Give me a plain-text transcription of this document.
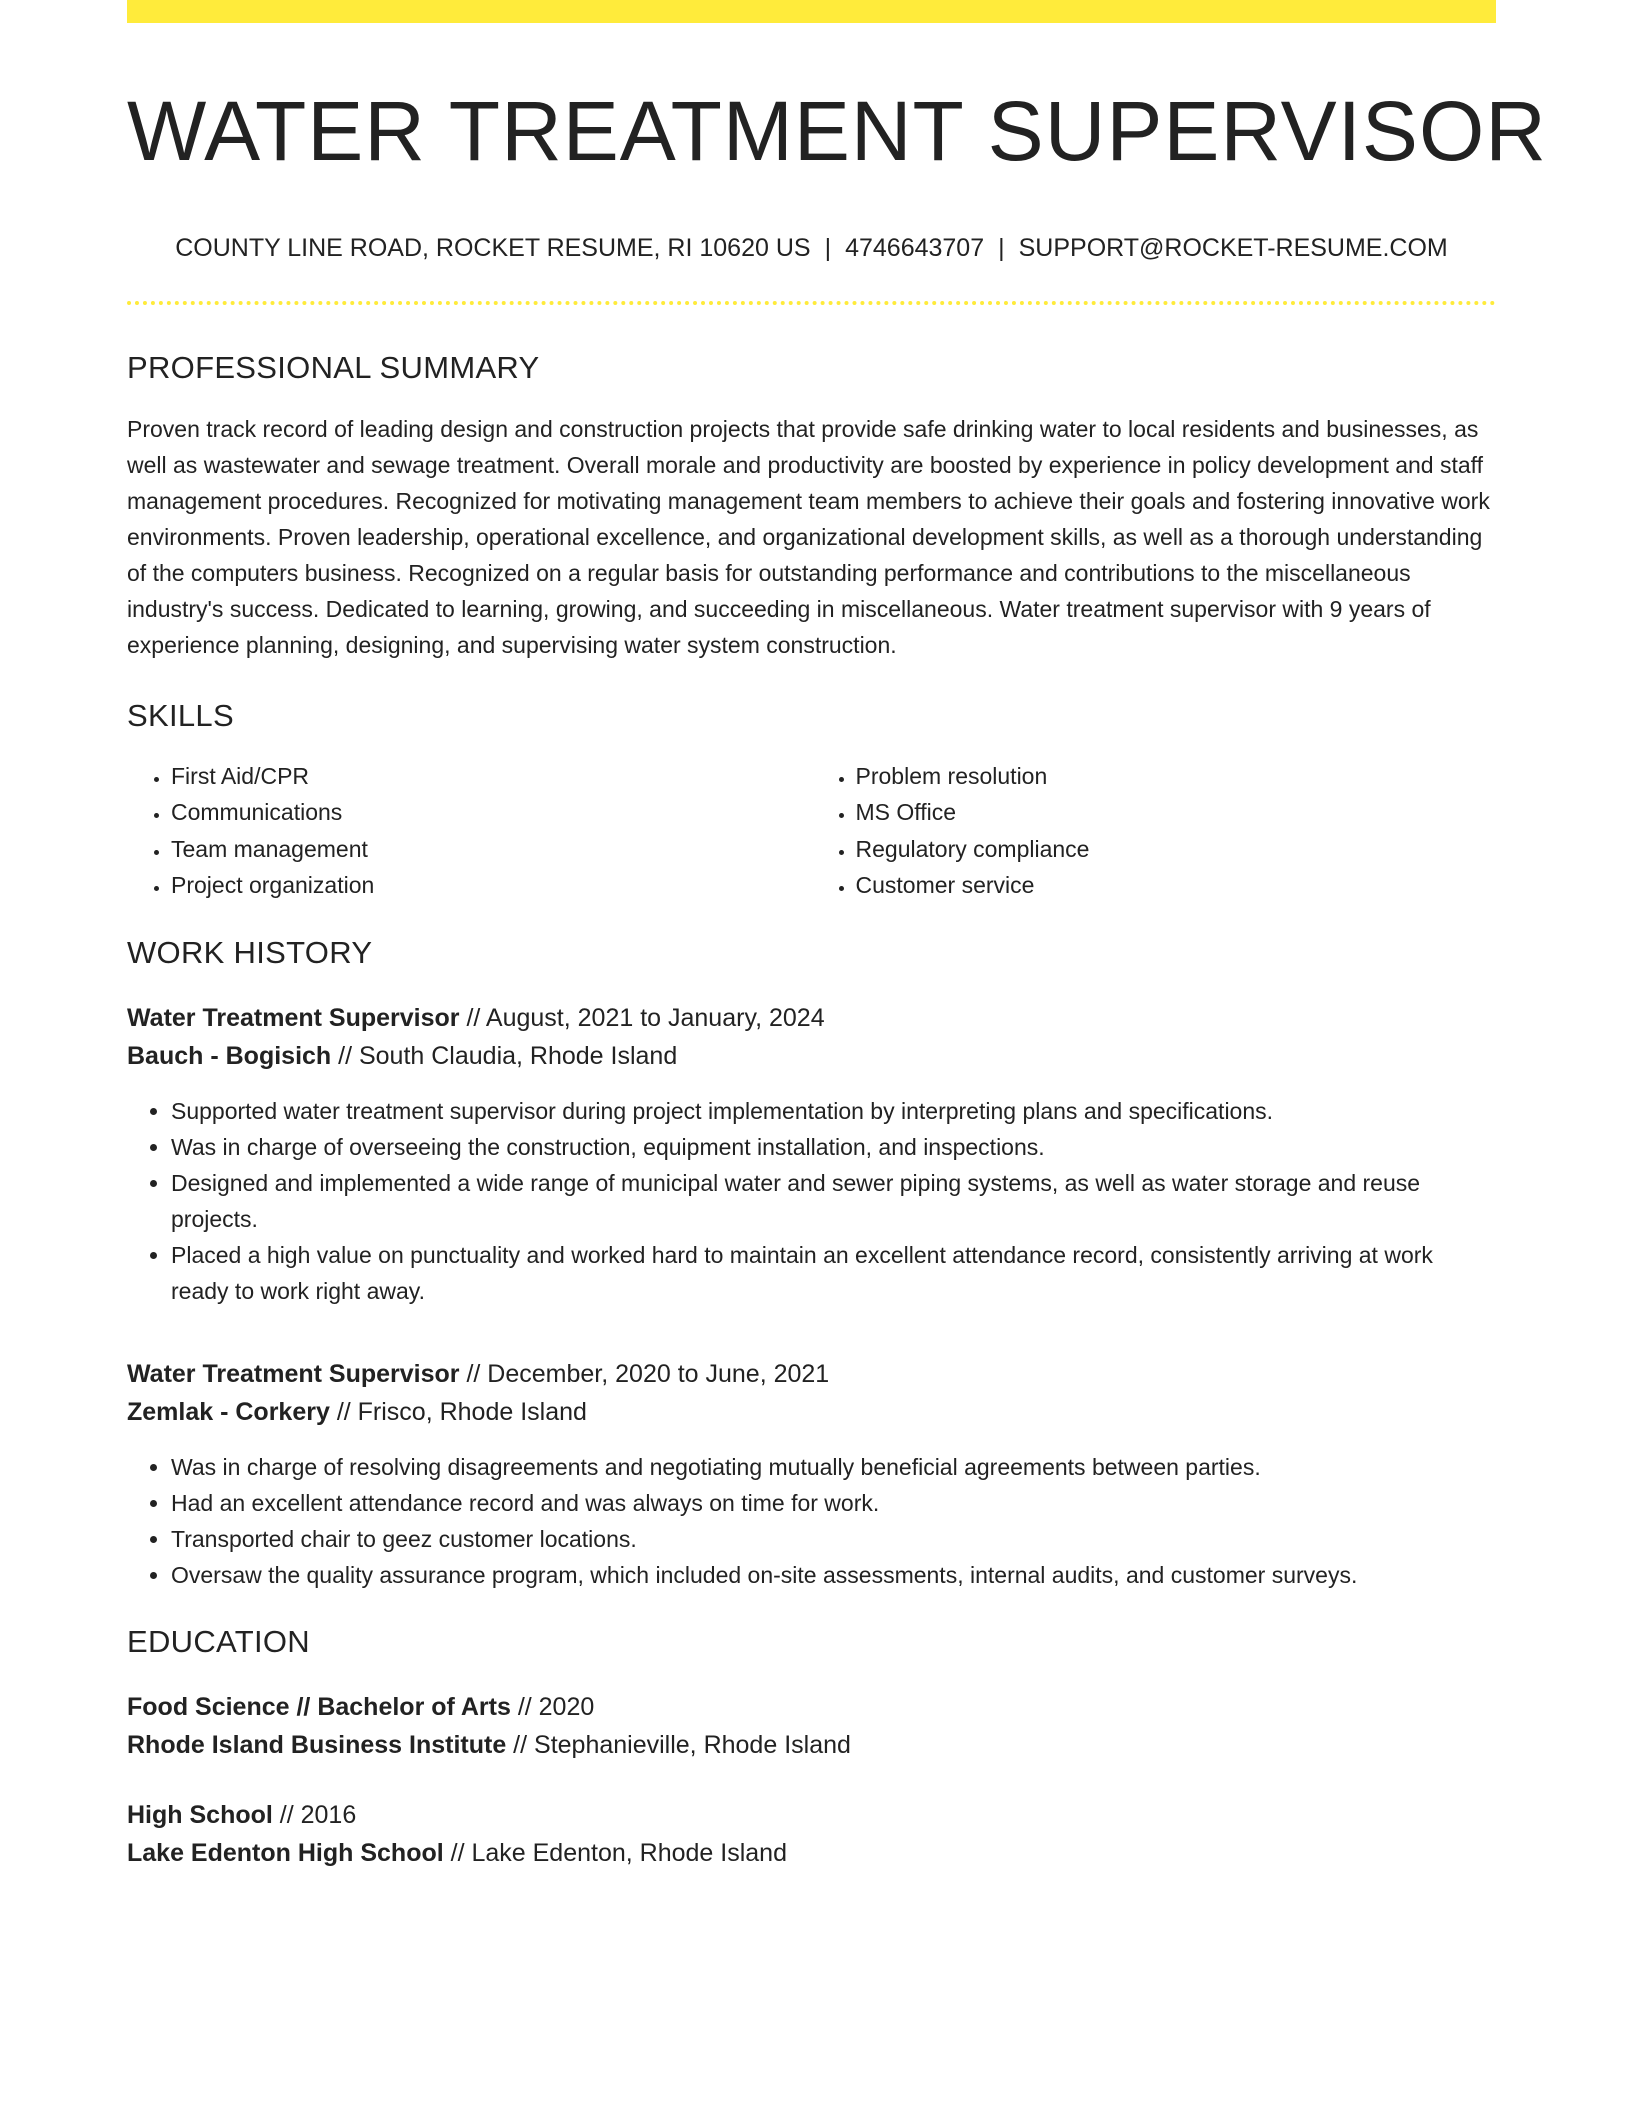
WATER TREATMENT SUPERVISOR
COUNTY LINE ROAD, ROCKET RESUME, RI 10620 US | 4746643707 | SUPPORT@ROCKET-RESUME.COM
PROFESSIONAL SUMMARY
Proven track record of leading design and construction projects that provide safe drinking water to local residents and businesses, as well as wastewater and sewage treatment. Overall morale and productivity are boosted by experience in policy development and staff management procedures. Recognized for motivating management team members to achieve their goals and fostering innovative work environments. Proven leadership, operational excellence, and organizational development skills, as well as a thorough understanding of the computers business. Recognized on a regular basis for outstanding performance and contributions to the miscellaneous industry's success. Dedicated to learning, growing, and succeeding in miscellaneous. Water treatment supervisor with 9 years of experience planning, designing, and supervising water system construction.
SKILLS
• First Aid/CPR
• Communications
• Team management
• Project organization
• Problem resolution
• MS Office
• Regulatory compliance
• Customer service
WORK HISTORY
Water Treatment Supervisor // August, 2021 to January, 2024
Bauch - Bogisich // South Claudia, Rhode Island
• Supported water treatment supervisor during project implementation by interpreting plans and specifications.
• Was in charge of overseeing the construction, equipment installation, and inspections.
• Designed and implemented a wide range of municipal water and sewer piping systems, as well as water storage and reuse projects.
• Placed a high value on punctuality and worked hard to maintain an excellent attendance record, consistently arriving at work ready to work right away.
Water Treatment Supervisor // December, 2020 to June, 2021
Zemlak - Corkery // Frisco, Rhode Island
• Was in charge of resolving disagreements and negotiating mutually beneficial agreements between parties.
• Had an excellent attendance record and was always on time for work.
• Transported chair to geez customer locations.
• Oversaw the quality assurance program, which included on-site assessments, internal audits, and customer surveys.
EDUCATION
Food Science // Bachelor of Arts // 2020
Rhode Island Business Institute // Stephanieville, Rhode Island
High School // 2016
Lake Edenton High School // Lake Edenton, Rhode Island
